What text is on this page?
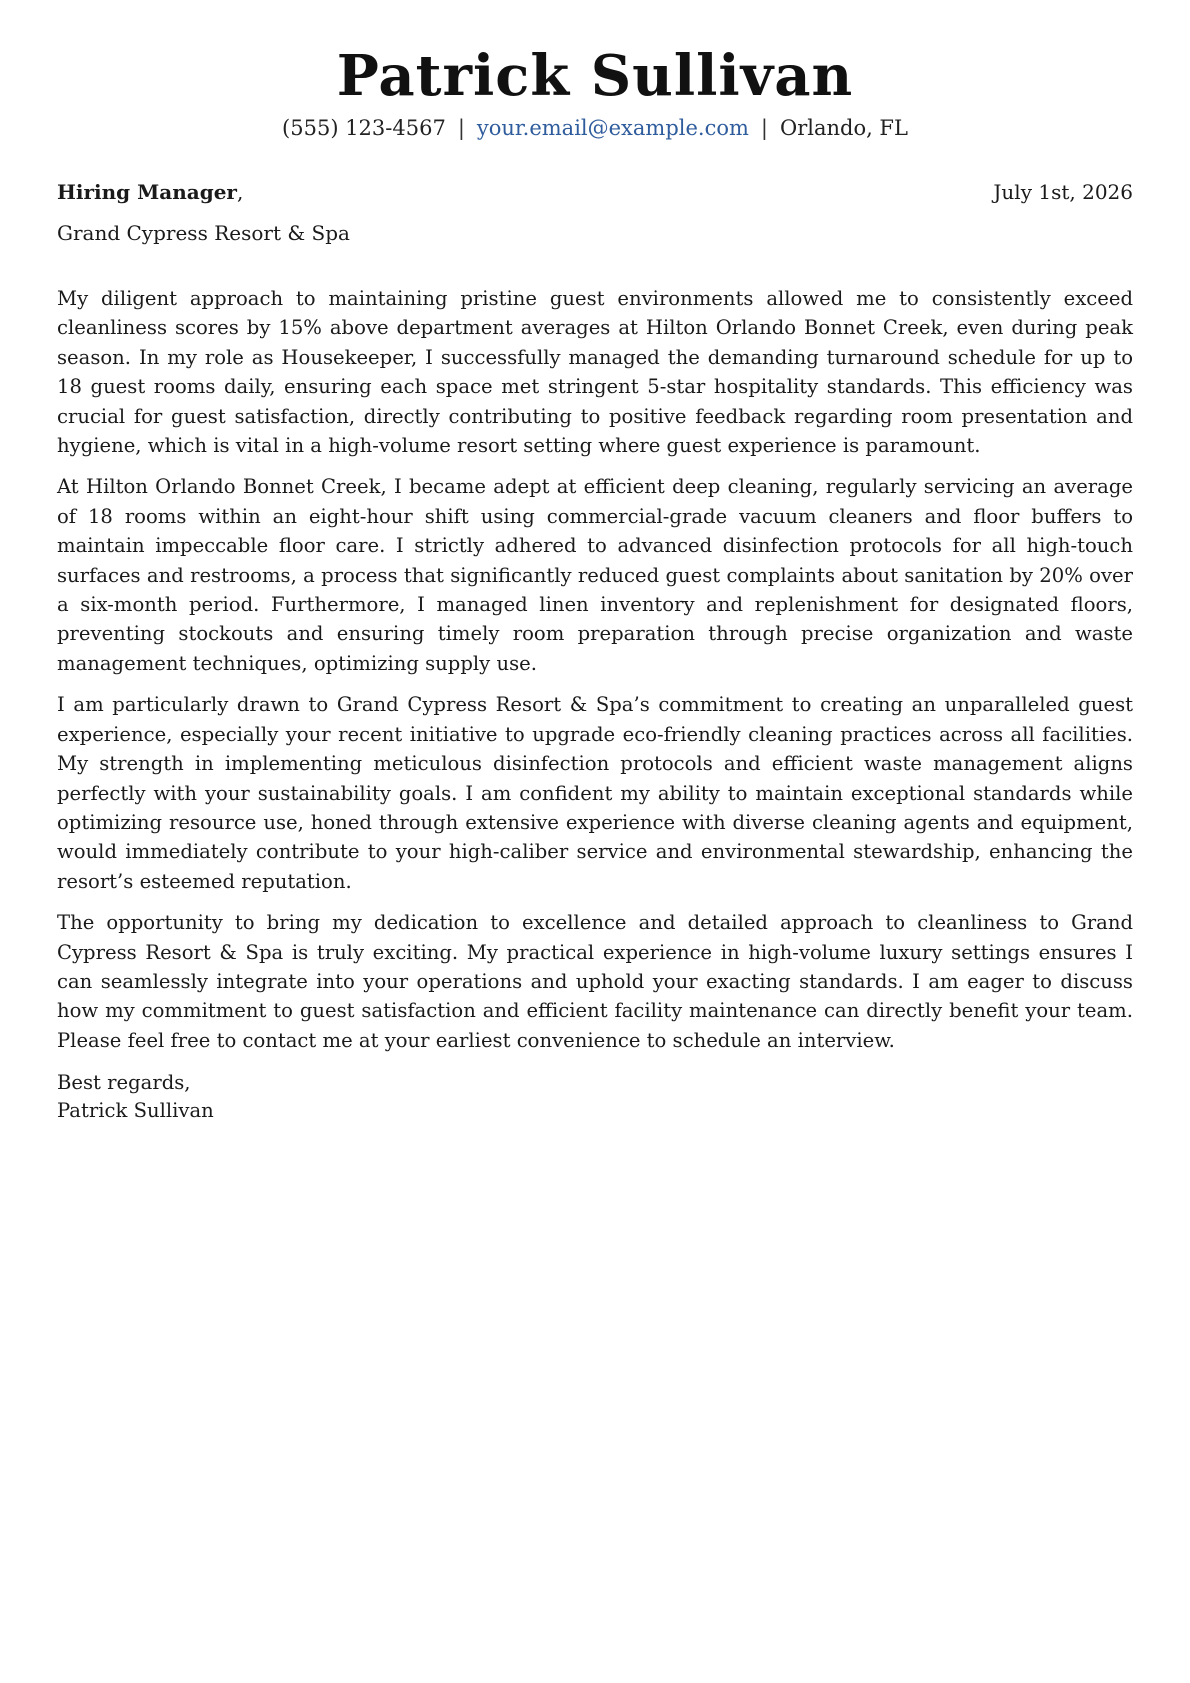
Patrick Sullivan
(555) 123-4567 | your.email@example.com | Orlando, FL
Hiring Manager,	July 1st, 2026
Grand Cypress Resort & Spa

My diligent approach to maintaining pristine guest environments allowed me to consistently exceed cleanliness scores by 15% above department averages at Hilton Orlando Bonnet Creek, even during peak season. In my role as Housekeeper, I successfully managed the demanding turnaround schedule for up to 18 guest rooms daily, ensuring each space met stringent 5-star hospitality standards. This efficiency was crucial for guest satisfaction, directly contributing to positive feedback regarding room presentation and hygiene, which is vital in a high-volume resort setting where guest experience is paramount.

At Hilton Orlando Bonnet Creek, I became adept at efficient deep cleaning, regularly servicing an average of 18 rooms within an eight-hour shift using commercial-grade vacuum cleaners and floor buffers to maintain impeccable floor care. I strictly adhered to advanced disinfection protocols for all high-touch surfaces and restrooms, a process that significantly reduced guest complaints about sanitation by 20% over a six-month period. Furthermore, I managed linen inventory and replenishment for designated floors, preventing stockouts and ensuring timely room preparation through precise organization and waste management techniques, optimizing supply use.

I am particularly drawn to Grand Cypress Resort & Spa’s commitment to creating an unparalleled guest experience, especially your recent initiative to upgrade eco-friendly cleaning practices across all facilities. My strength in implementing meticulous disinfection protocols and efficient waste management aligns perfectly with your sustainability goals. I am confident my ability to maintain exceptional standards while optimizing resource use, honed through extensive experience with diverse cleaning agents and equipment, would immediately contribute to your high-caliber service and environmental stewardship, enhancing the resort’s esteemed reputation.

The opportunity to bring my dedication to excellence and detailed approach to cleanliness to Grand Cypress Resort & Spa is truly exciting. My practical experience in high-volume luxury settings ensures I can seamlessly integrate into your operations and uphold your exacting standards. I am eager to discuss how my commitment to guest satisfaction and efficient facility maintenance can directly benefit your team. Please feel free to contact me at your earliest convenience to schedule an interview.

Best regards,
Patrick Sullivan
